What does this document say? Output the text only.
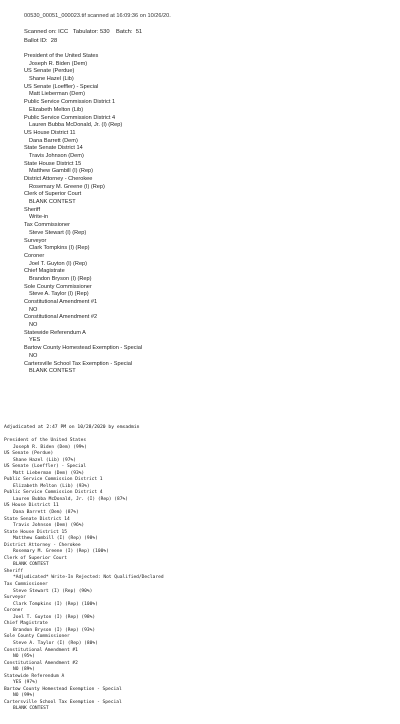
00530_00051_000023.tif scanned at 16:09:36 on 10/26/20.
Scanned on: ICC   Tabulator: 530    Batch:  51
Ballot ID:  28
President of the United States
Joseph R. Biden (Dem)
US Senate (Perdue)
Shane Hazel (Lib)
US Senate (Loeffler) - Special
Matt Lieberman (Dem)
Public Service Commission District 1
Elizabeth Melton (Lib)
Public Service Commission District 4
Lauren Bubba McDonald, Jr. (I) (Rep)
US House District 11
Dana Barrett (Dem)
State Senate District 14
Travis Johnson (Dem)
State House District 15
Matthew Gambill (I) (Rep)
District Attorney - Cherokee
Rosemary M. Greene (I) (Rep)
Clerk of Superior Court
BLANK CONTEST
Sheriff
Write-in
Tax Commissioner
Steve Stewart (I) (Rep)
Surveyor
Clark Tompkins (I) (Rep)
Coroner
Joel T. Guyton (I) (Rep)
Chief Magistrate
Brandon Bryson (I) (Rep)
Sole County Commissioner
Steve A. Taylor (I) (Rep)
Constitutional Amendment #1
NO
Constitutional Amendment #2
NO
Statewide Referendum A
YES
Bartow County Homestead Exemption - Special
NO
Cartersville School Tax Exemption - Special
BLANK CONTEST
Adjudicated at 2:47 PM on 10/28/2020 by emsadmin
President of the United States
Joseph R. Biden (Dem) (99%)
US Senate (Perdue)
Shane Hazel (Lib) (97%)
US Senate (Loeffler) - Special
Matt Lieberman (Dem) (93%)
Public Service Commission District 1
Elizabeth Melton (Lib) (93%)
Public Service Commission District 4
Lauren Bubba McDonald, Jr. (I) (Rep) (87%)
US House District 11
Dana Barrett (Dem) (87%)
State Senate District 14
Travis Johnson (Dem) (96%)
State House District 15
Matthew Gambill (I) (Rep) (98%)
District Attorney - Cherokee
Rosemary M. Greene (I) (Rep) (100%)
Clerk of Superior Court
BLANK CONTEST
Sheriff
*Adjudicated* Write-In Rejected: Not Qualified/Declared
Tax Commissioner
Steve Stewart (I) (Rep) (90%)
Surveyor
Clark Tompkins (I) (Rep) (100%)
Coroner
Joel T. Guyton (I) (Rep) (98%)
Chief Magistrate
Brandon Bryson (I) (Rep) (93%)
Sole County Commissioner
Steve A. Taylor (I) (Rep) (80%)
Constitutional Amendment #1
NO (95%)
Constitutional Amendment #2
NO (89%)
Statewide Referendum A
YES (97%)
Bartow County Homestead Exemption - Special
NO (99%)
Cartersville School Tax Exemption - Special
BLANK CONTEST
